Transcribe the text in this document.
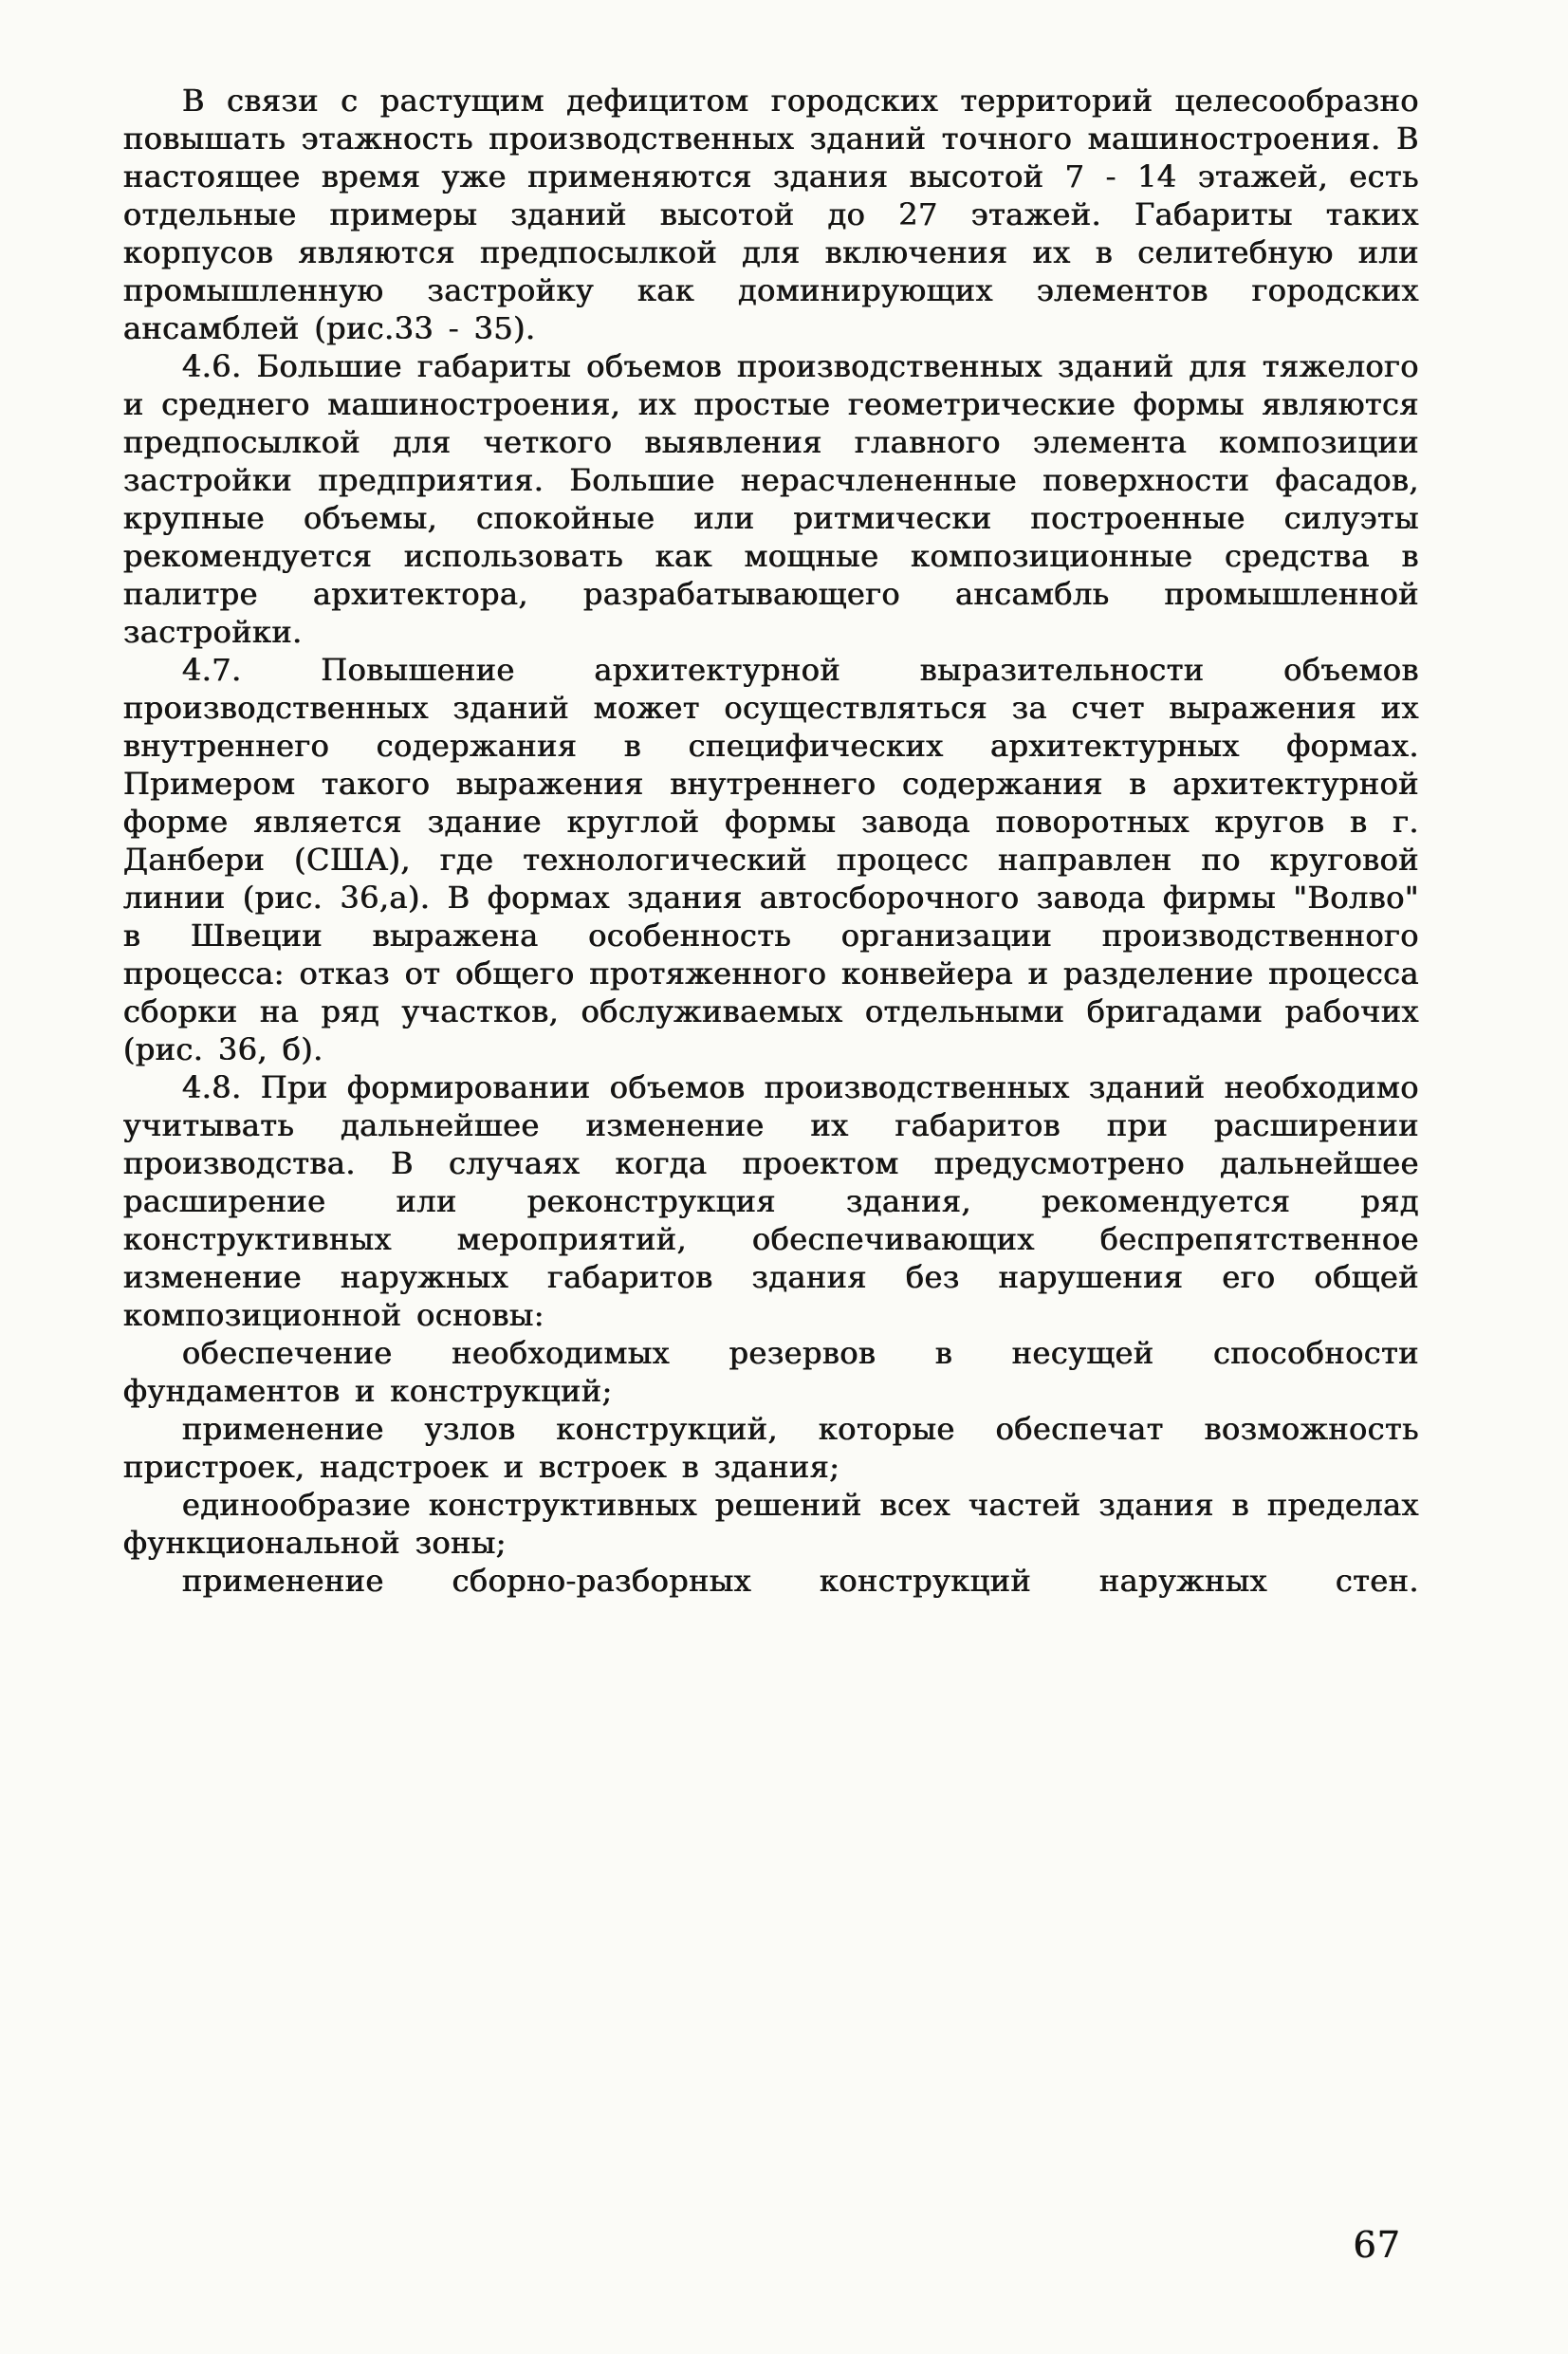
В связи с растущим дефицитом городских территорий целесообразно повышать этажность производственных зданий точного машиностроения. В настоящее время уже применяются здания высотой 7 - 14 этажей, есть отдельные примеры зданий высотой до 27 этажей. Габариты таких корпусов являются предпосылкой для включения их в селитебную или промышленную застройку как доминирующих элементов городских ансамблей (рис.33 - 35).

4.6. Большие габариты объемов производственных зданий для тяжелого и среднего машиностроения, их простые геометрические формы являются предпосылкой для четкого выявления главного элемента композиции застройки предприятия. Большие нерасчлененные поверхности фасадов, крупные объемы, спокойные или ритмически построенные силуэты рекомендуется использовать как мощные композиционные средства в палитре архитектора, разрабатывающего ансамбль промышленной застройки.

4.7. Повышение архитектурной выразительности объемов производственных зданий может осуществляться за счет выражения их внутреннего содержания в специфических архитектурных формах. Примером такого выражения внутреннего содержания в архитектурной форме является здание круглой формы завода поворотных кругов в г. Данбери (США), где технологический процесс направлен по круговой линии (рис. 36,а). В формах здания автосборочного завода фирмы "Волво" в Швеции выражена особенность организации производственного процесса: отказ от общего протяженного конвейера и разделение процесса сборки на ряд участков, обслуживаемых отдельными бригадами рабочих (рис. 36, б).

4.8. При формировании объемов производственных зданий необходимо учитывать дальнейшее изменение их габаритов при расширении производства. В случаях когда проектом предусмотрено дальнейшее расширение или реконструкция здания, рекомендуется ряд конструктивных мероприятий, обеспечивающих беспрепятственное изменение наружных габаритов здания без нарушения его общей композиционной основы:

обеспечение необходимых резервов в несущей способности фундаментов и конструкций;

применение узлов конструкций, которые обеспечат возможность пристроек, надстроек и встроек в здания;

единообразие конструктивных решений всех частей здания в пределах функциональной зоны;

применение сборно-разборных конструкций наружных стен.

67
